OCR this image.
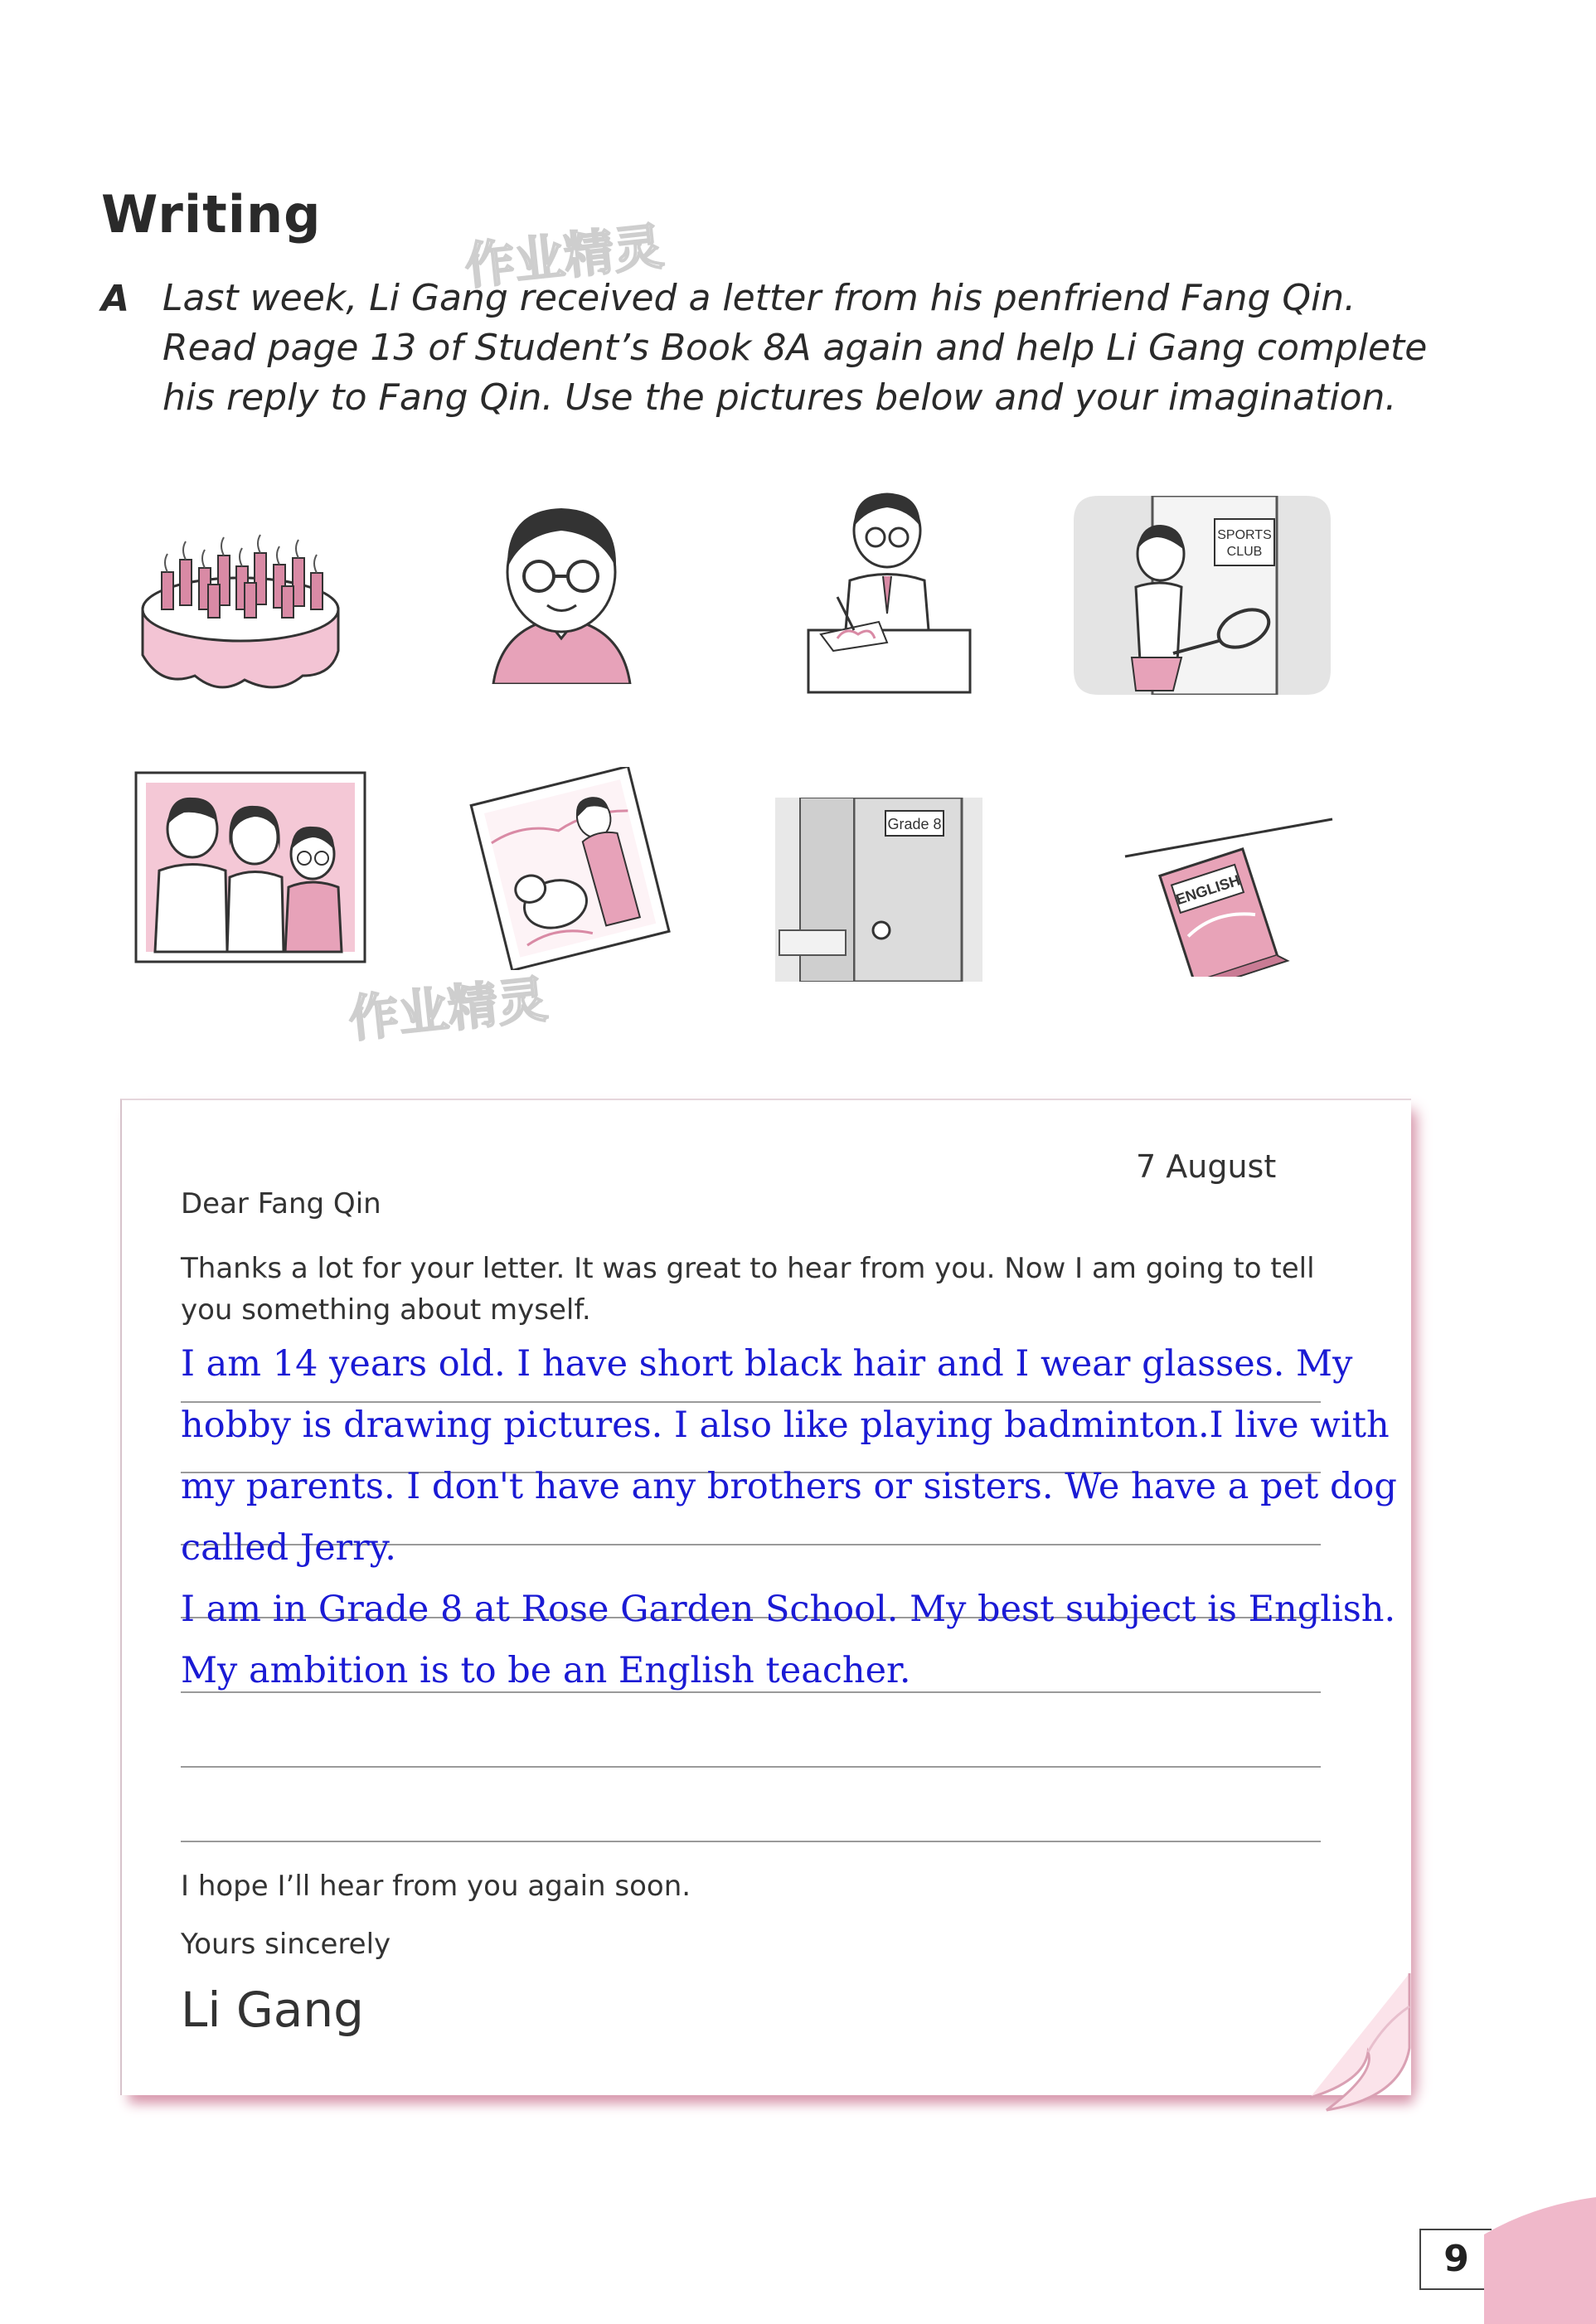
Writing
作业精灵
A Last week, Li Gang received a letter from his penfriend Fang Qin. Read page 13 of Student’s Book 8A again and help Li Gang complete his reply to Fang Qin. Use the pictures below and your imagination.
SPORTS
CLUB
Grade 8
ENGLISH
作业精灵
7 August
Dear Fang Qin
Thanks a lot for your letter. It was great to hear from you. Now I am going to tell
you something about myself.
I am 14 years old. I have short black hair and I wear glasses. My
hobby is drawing pictures. I also like playing badminton.I live with
my parents. I don't have any brothers or sisters. We have a pet dog
called Jerry.
I am in Grade 8 at Rose Garden School. My best subject is English.
My ambition is to be an English teacher.
I hope I’ll hear from you again soon.
Yours sincerely
Li Gang
9
